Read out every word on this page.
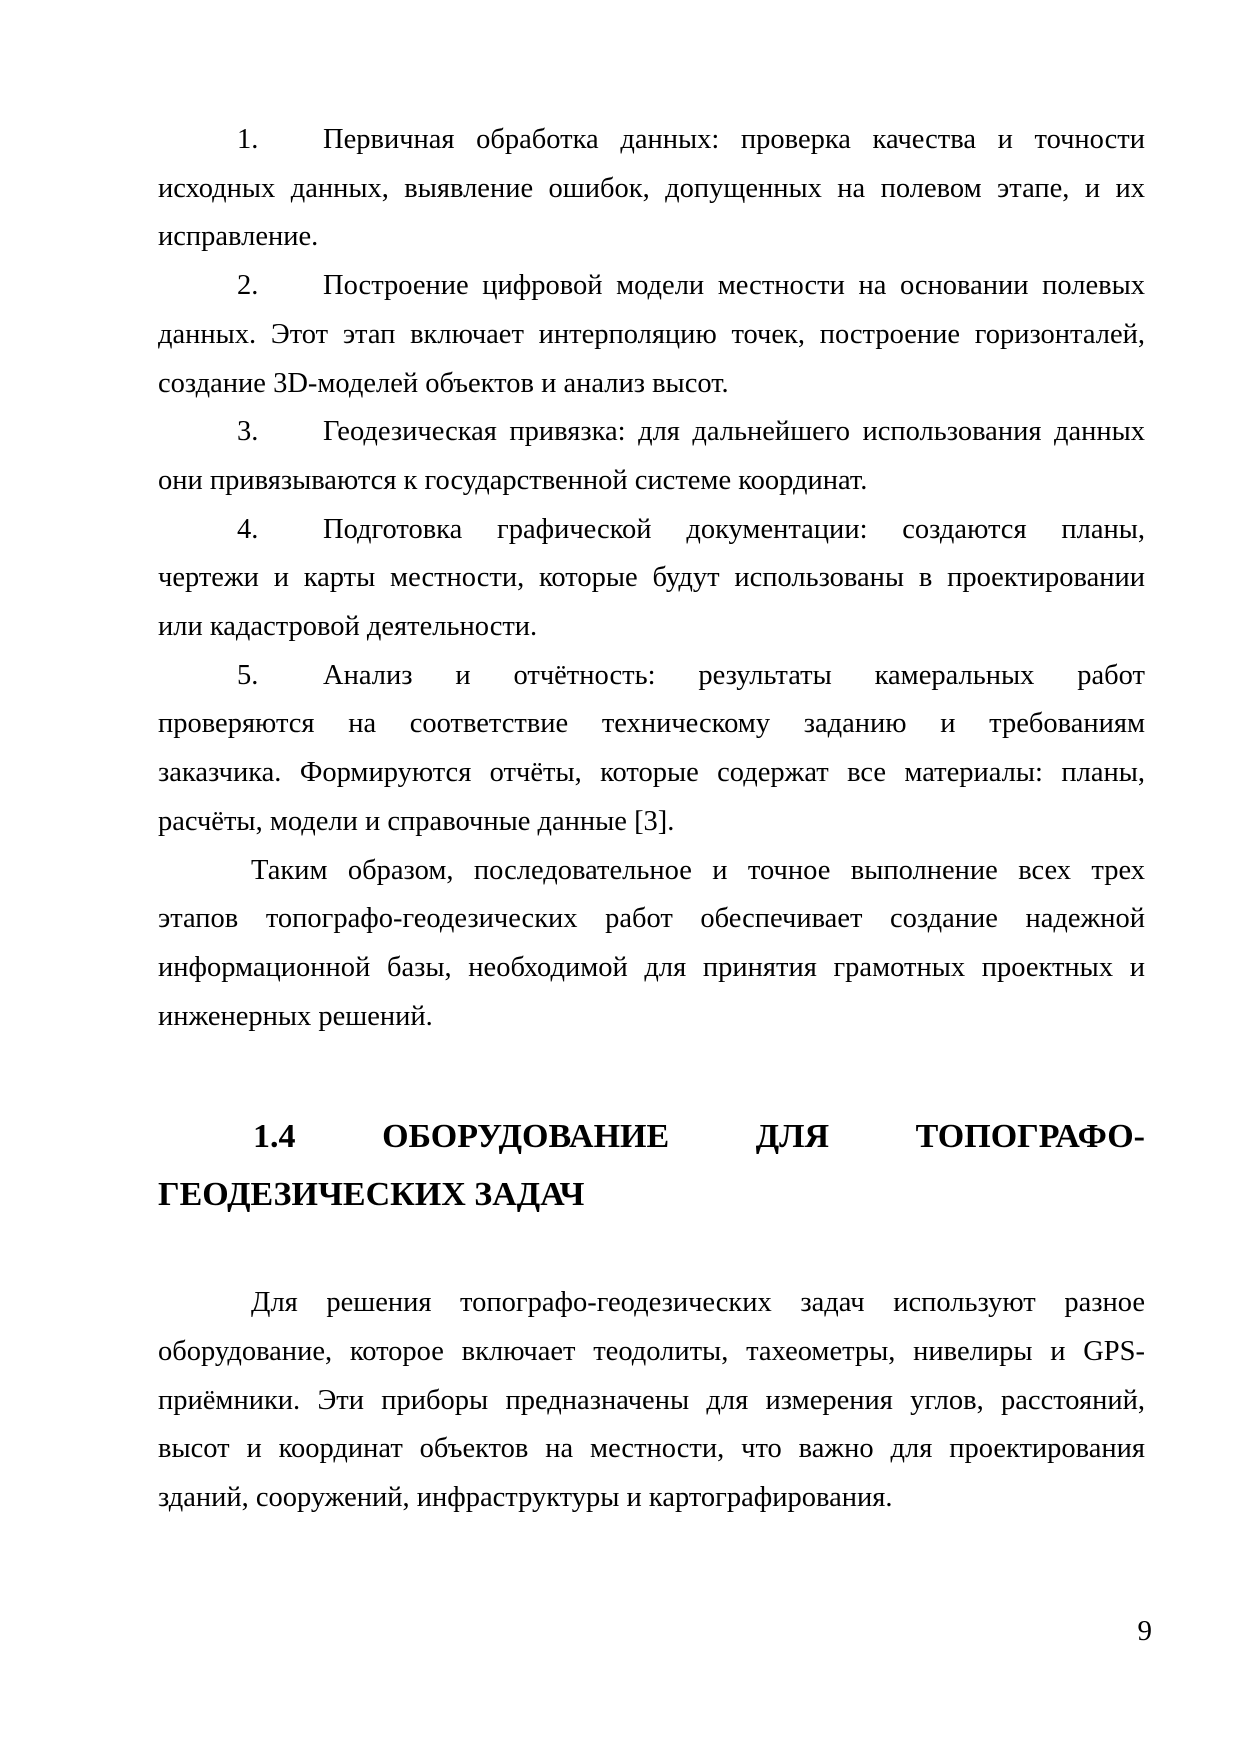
1. Первичная обработка данных: проверка качества и точности
исходных данных, выявление ошибок, допущенных на полевом этапе, и их
исправление.
2. Построение цифровой модели местности на основании полевых
данных. Этот этап включает интерполяцию точек, построение горизонталей,
создание 3D-моделей объектов и анализ высот.
3. Геодезическая привязка: для дальнейшего использования данных
они привязываются к государственной системе координат.
4. Подготовка графической документации: создаются планы,
чертежи и карты местности, которые будут использованы в проектировании
или кадастровой деятельности.
5. Анализ и отчётность: результаты камеральных работ
проверяются на соответствие техническому заданию и требованиям
заказчика. Формируются отчёты, которые содержат все материалы: планы,
расчёты, модели и справочные данные [3].
Таким образом, последовательное и точное выполнение всех трех
этапов топографо-геодезических работ обеспечивает создание надежной
информационной базы, необходимой для принятия грамотных проектных и
инженерных решений.
1.4 ОБОРУДОВАНИЕ ДЛЯ ТОПОГРАФО-
ГЕОДЕЗИЧЕСКИХ ЗАДАЧ
Для решения топографо-геодезических задач используют разное
оборудование, которое включает теодолиты, тахеометры, нивелиры и GPS-
приёмники. Эти приборы предназначены для измерения углов, расстояний,
высот и координат объектов на местности, что важно для проектирования
зданий, сооружений, инфраструктуры и картографирования.
9
